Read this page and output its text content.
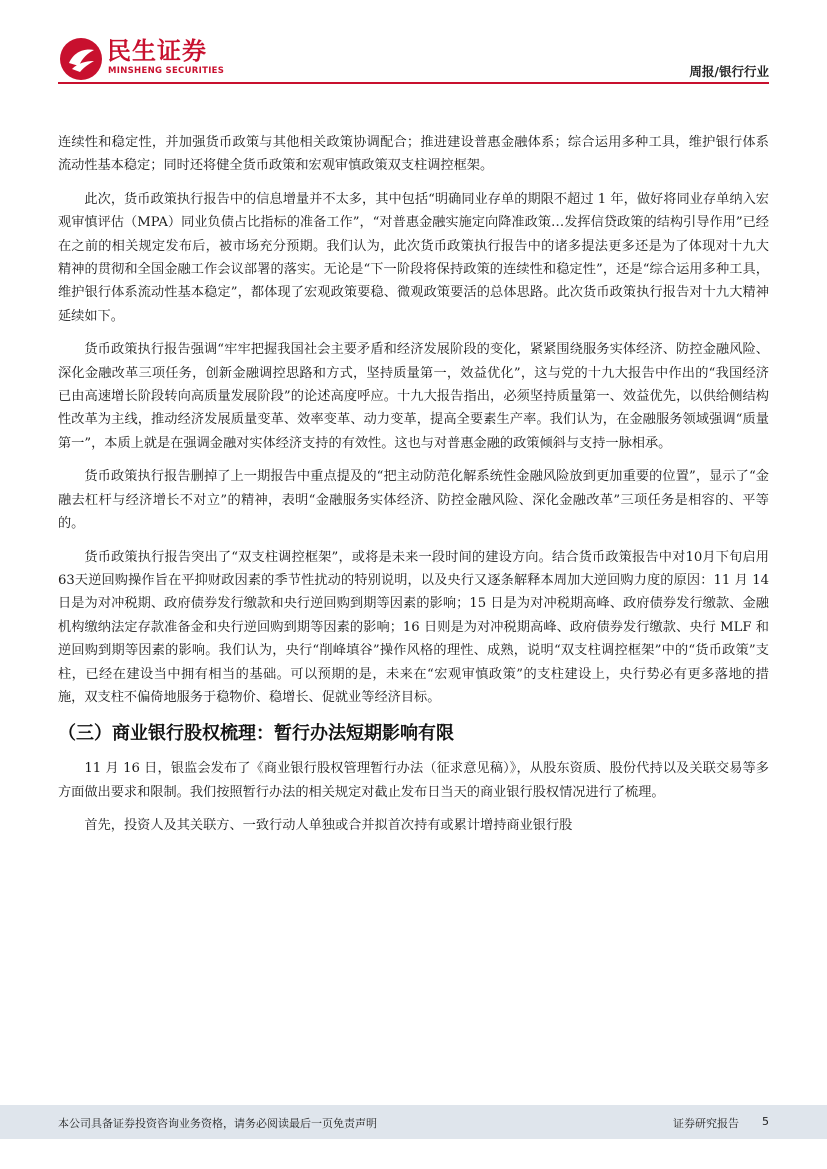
民生证券
MINSHENG SECURITIES	周报/银行行业

连续性和稳定性，并加强货币政策与其他相关政策协调配合；推进建设普惠金融体系；综合运用多种工具，维护银行体系流动性基本稳定；同时还将健全货币政策和宏观审慎政策双支柱调控框架。

此次，货币政策执行报告中的信息增量并不太多，其中包括“明确同业存单的期限不超过 1 年，做好将同业存单纳入宏观审慎评估（MPA）同业负债占比指标的准备工作”，“对普惠金融实施定向降准政策…发挥信贷政策的结构引导作用”已经在之前的相关规定发布后，被市场充分预期。我们认为，此次货币政策执行报告中的诸多提法更多还是为了体现对十九大精神的贯彻和全国金融工作会议部署的落实。无论是“下一阶段将保持政策的连续性和稳定性”，还是“综合运用多种工具，维护银行体系流动性基本稳定”，都体现了宏观政策要稳、微观政策要活的总体思路。此次货币政策执行报告对十九大精神延续如下。

货币政策执行报告强调“牢牢把握我国社会主要矛盾和经济发展阶段的变化，紧紧围绕服务实体经济、防控金融风险、深化金融改革三项任务，创新金融调控思路和方式，坚持质量第一，效益优化”，这与党的十九大报告中作出的“我国经济已由高速增长阶段转向高质量发展阶段”的论述高度呼应。十九大报告指出，必须坚持质量第一、效益优先，以供给侧结构性改革为主线，推动经济发展质量变革、效率变革、动力变革，提高全要素生产率。我们认为，在金融服务领域强调“质量第一”，本质上就是在强调金融对实体经济支持的有效性。这也与对普惠金融的政策倾斜与支持一脉相承。

货币政策执行报告删掉了上一期报告中重点提及的“把主动防范化解系统性金融风险放到更加重要的位置”，显示了“金融去杠杆与经济增长不对立”的精神，表明“金融服务实体经济、防控金融风险、深化金融改革”三项任务是相容的、平等的。

货币政策执行报告突出了“双支柱调控框架”，或将是未来一段时间的建设方向。结合货币政策报告中对10月下旬启用63天逆回购操作旨在平抑财政因素的季节性扰动的特别说明，以及央行又逐条解释本周加大逆回购力度的原因：11 月 14 日是为对冲税期、政府债券发行缴款和央行逆回购到期等因素的影响；15 日是为对冲税期高峰、政府债券发行缴款、金融机构缴纳法定存款准备金和央行逆回购到期等因素的影响；16 日则是为对冲税期高峰、政府债券发行缴款、央行 MLF 和逆回购到期等因素的影响。我们认为，央行“削峰填谷”操作风格的理性、成熟，说明“双支柱调控框架”中的“货币政策”支柱，已经在建设当中拥有相当的基础。可以预期的是，未来在“宏观审慎政策”的支柱建设上，央行势必有更多落地的措施，双支柱不偏倚地服务于稳物价、稳增长、促就业等经济目标。

（三）商业银行股权梳理：暂行办法短期影响有限

11 月 16 日，银监会发布了《商业银行股权管理暂行办法（征求意见稿）》，从股东资质、股份代持以及关联交易等多方面做出要求和限制。我们按照暂行办法的相关规定对截止发布日当天的商业银行股权情况进行了梳理。

首先，投资人及其关联方、一致行动人单独或合并拟首次持有或累计增持商业银行股

本公司具备证券投资咨询业务资格，请务必阅读最后一页免责声明	证券研究报告 5
